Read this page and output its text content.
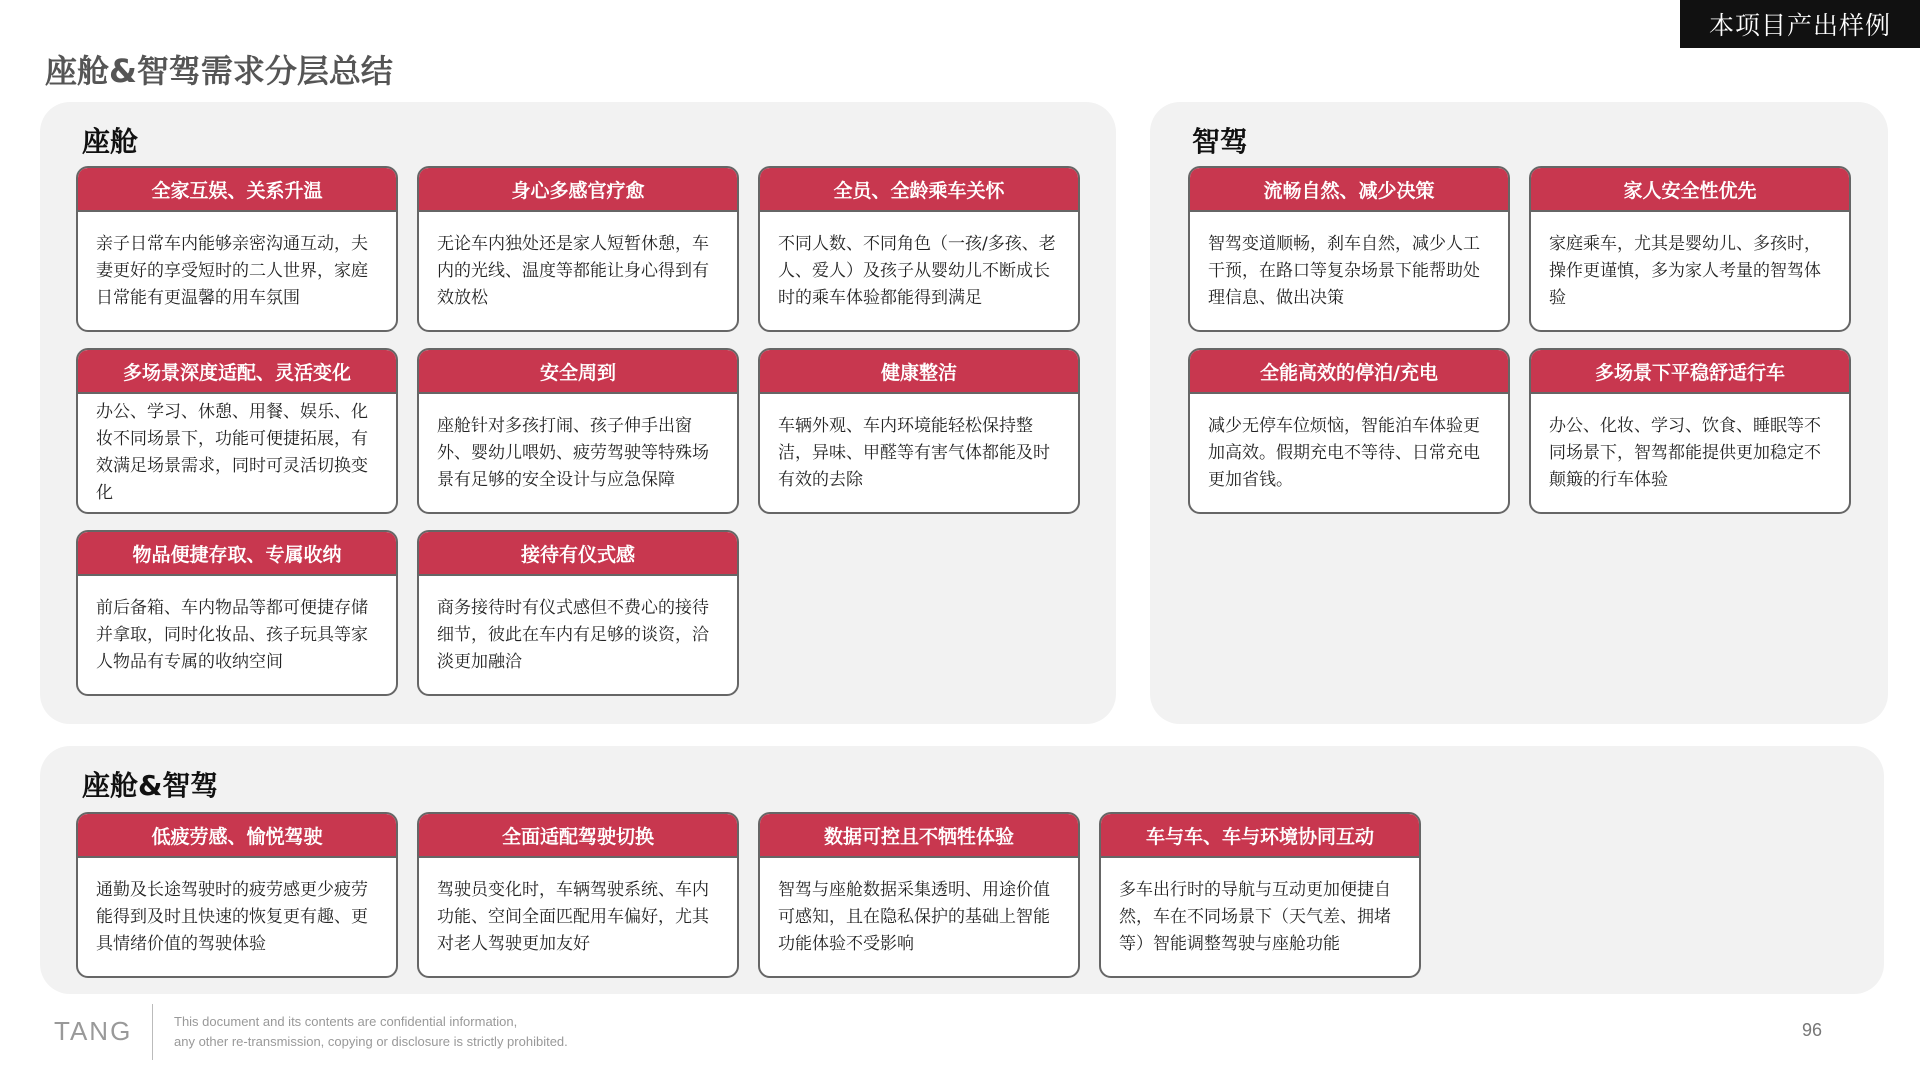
本项目产出样例
座舱&智驾需求分层总结
座舱
全家互娱、关系升温
亲子日常车内能够亲密沟通互动，夫妻更好的享受短时的二人世界，家庭日常能有更温馨的用车氛围
身心多感官疗愈
无论车内独处还是家人短暂休憩，车内的光线、温度等都能让身心得到有效放松
全员、全龄乘车关怀
不同人数、不同角色（一孩/多孩、老人、爱人）及孩子从婴幼儿不断成长时的乘车体验都能得到满足
多场景深度适配、灵活变化
办公、学习、休憩、用餐、娱乐、化妆不同场景下，功能可便捷拓展，有效满足场景需求，同时可灵活切换变化
安全周到
座舱针对多孩打闹、孩子伸手出窗外、婴幼儿喂奶、疲劳驾驶等特殊场景有足够的安全设计与应急保障
健康整洁
车辆外观、车内环境能轻松保持整洁，异味、甲醛等有害气体都能及时有效的去除
物品便捷存取、专属收纳
前后备箱、车内物品等都可便捷存储并拿取，同时化妆品、孩子玩具等家人物品有专属的收纳空间
接待有仪式感
商务接待时有仪式感但不费心的接待细节，彼此在车内有足够的谈资，洽淡更加融洽
智驾
流畅自然、减少决策
智驾变道顺畅，刹车自然，减少人工干预，在路口等复杂场景下能帮助处理信息、做出决策
家人安全性优先
家庭乘车，尤其是婴幼儿、多孩时，操作更谨慎，多为家人考量的智驾体验
全能高效的停泊/充电
减少无停车位烦恼，智能泊车体验更加高效。假期充电不等待、日常充电更加省钱。
多场景下平稳舒适行车
办公、化妆、学习、饮食、睡眠等不同场景下，智驾都能提供更加稳定不颠簸的行车体验
座舱&智驾
低疲劳感、愉悦驾驶
通勤及长途驾驶时的疲劳感更少疲劳能得到及时且快速的恢复更有趣、更具情绪价值的驾驶体验
全面适配驾驶切换
驾驶员变化时，车辆驾驶系统、车内功能、空间全面匹配用车偏好，尤其对老人驾驶更加友好
数据可控且不牺牲体验
智驾与座舱数据采集透明、用途价值可感知，且在隐私保护的基础上智能功能体验不受影响
车与车、车与环境协同互动
多车出行时的导航与互动更加便捷自然，车在不同场景下（天气差、拥堵等）智能调整驾驶与座舱功能
TANG	This document and its contents are confidential information,
any other re-transmission, copying or disclosure is strictly prohibited.
96
